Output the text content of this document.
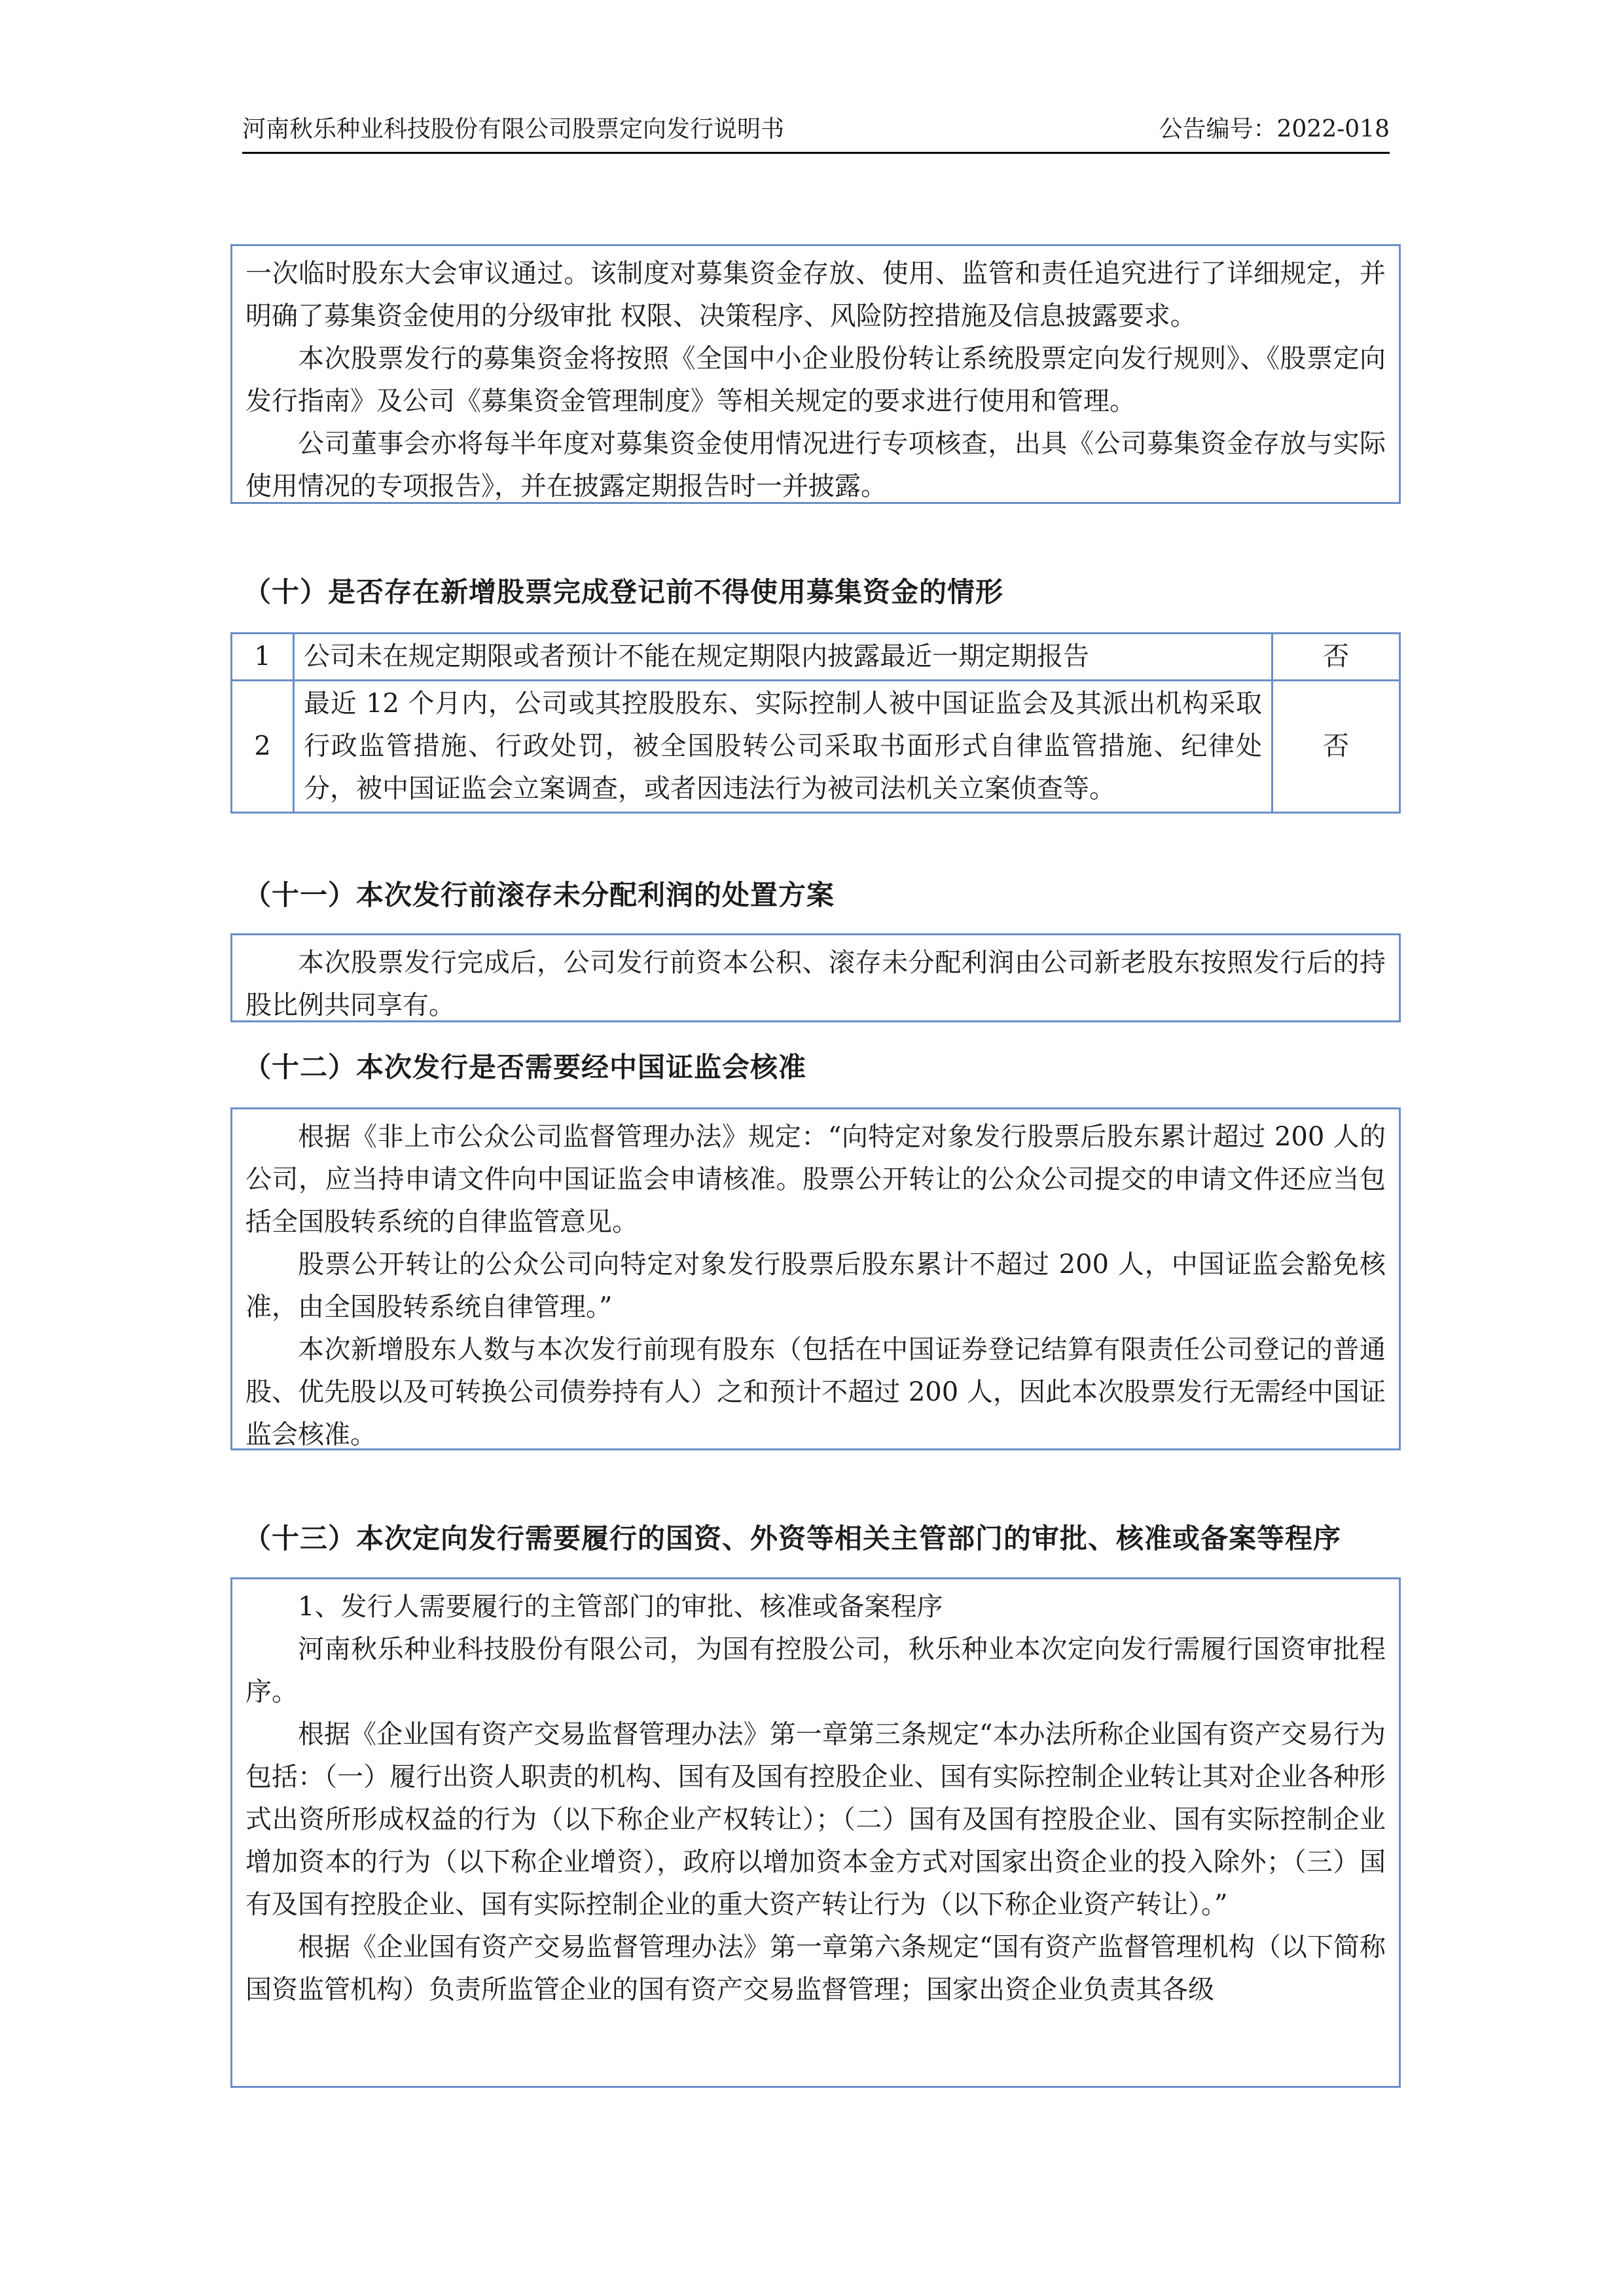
河南秋乐种业科技股份有限公司股票定向发行说明书	公告编号：2022-018

一次临时股东大会审议通过。该制度对募集资金存放、使用、监管和责任追究进行了详细规定，并明确了募集资金使用的分级审批 权限、决策程序、风险防控措施及信息披露要求。

本次股票发行的募集资金将按照《全国中小企业股份转让系统股票定向发行规则》、《股票定向发行指南》及公司《募集资金管理制度》等相关规定的要求进行使用和管理。

公司董事会亦将每半年度对募集资金使用情况进行专项核查，出具《公司募集资金存放与实际使用情况的专项报告》，并在披露定期报告时一并披露。

（十）是否存在新增股票完成登记前不得使用募集资金的情形
1	公司未在规定期限或者预计不能在规定期限内披露最近一期定期报告	否
2	最近 12 个月内，公司或其控股股东、实际控制人被中国证监会及其派出机构采取行政监管措施、行政处罚，被全国股转公司采取书面形式自律监管措施、纪律处分，被中国证监会立案调查，或者因违法行为被司法机关立案侦查等。	否
（十一）本次发行前滚存未分配利润的处置方案

本次股票发行完成后，公司发行前资本公积、滚存未分配利润由公司新老股东按照发行后的持股比例共同享有。

（十二）本次发行是否需要经中国证监会核准

根据《非上市公众公司监督管理办法》规定：“向特定对象发行股票后股东累计超过 200 人的公司，应当持申请文件向中国证监会申请核准。股票公开转让的公众公司提交的申请文件还应当包括全国股转系统的自律监管意见。

股票公开转让的公众公司向特定对象发行股票后股东累计不超过 200 人，中国证监会豁免核准，由全国股转系统自律管理。”

本次新增股东人数与本次发行前现有股东（包括在中国证券登记结算有限责任公司登记的普通股、优先股以及可转换公司债券持有人）之和预计不超过 200 人，因此本次股票发行无需经中国证监会核准。

（十三）本次定向发行需要履行的国资、外资等相关主管部门的审批、核准或备案等程序

1、发行人需要履行的主管部门的审批、核准或备案程序

河南秋乐种业科技股份有限公司，为国有控股公司，秋乐种业本次定向发行需履行国资审批程序。

根据《企业国有资产交易监督管理办法》第一章第三条规定“本办法所称企业国有资产交易行为包括：（一）履行出资人职责的机构、国有及国有控股企业、国有实际控制企业转让其对企业各种形式出资所形成权益的行为（以下称企业产权转让）；（二）国有及国有控股企业、国有实际控制企业增加资本的行为（以下称企业增资），政府以增加资本金方式对国家出资企业的投入除外；（三）国有及国有控股企业、国有实际控制企业的重大资产转让行为（以下称企业资产转让）。”

根据《企业国有资产交易监督管理办法》第一章第六条规定“国有资产监督管理机构（以下简称国资监管机构）负责所监管企业的国有资产交易监督管理；国家出资企业负责其各级
